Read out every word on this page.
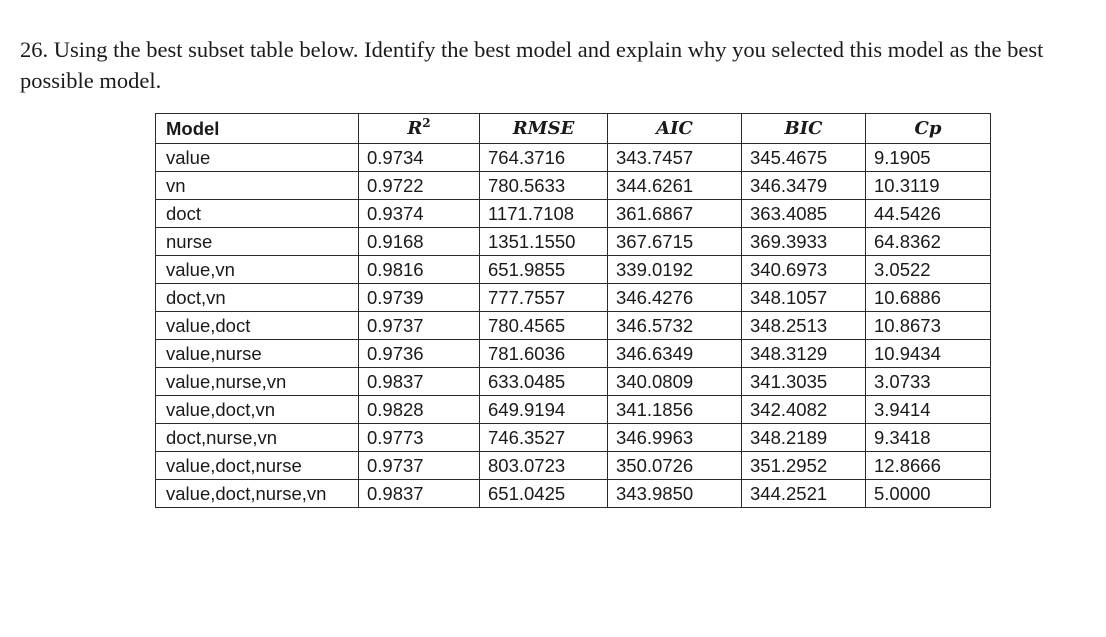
26. Using the best subset table below. Identify the best model and explain why you selected this model as the best possible model.

Model	$R^2$	RMSE	AIC	BIC	Cp
value	0.9734	764.3716	343.7457	345.4675	9.1905
vn	0.9722	780.5633	344.6261	346.3479	10.3119
doct	0.9374	1171.7108	361.6867	363.4085	44.5426
nurse	0.9168	1351.1550	367.6715	369.3933	64.8362
value,vn	0.9816	651.9855	339.0192	340.6973	3.0522
doct,vn	0.9739	777.7557	346.4276	348.1057	10.6886
value,doct	0.9737	780.4565	346.5732	348.2513	10.8673
value,nurse	0.9736	781.6036	346.6349	348.3129	10.9434
value,nurse,vn	0.9837	633.0485	340.0809	341.3035	3.0733
value,doct,vn	0.9828	649.9194	341.1856	342.4082	3.9414
doct,nurse,vn	0.9773	746.3527	346.9963	348.2189	9.3418
value,doct,nurse	0.9737	803.0723	350.0726	351.2952	12.8666
value,doct,nurse,vn	0.9837	651.0425	343.9850	344.2521	5.0000
